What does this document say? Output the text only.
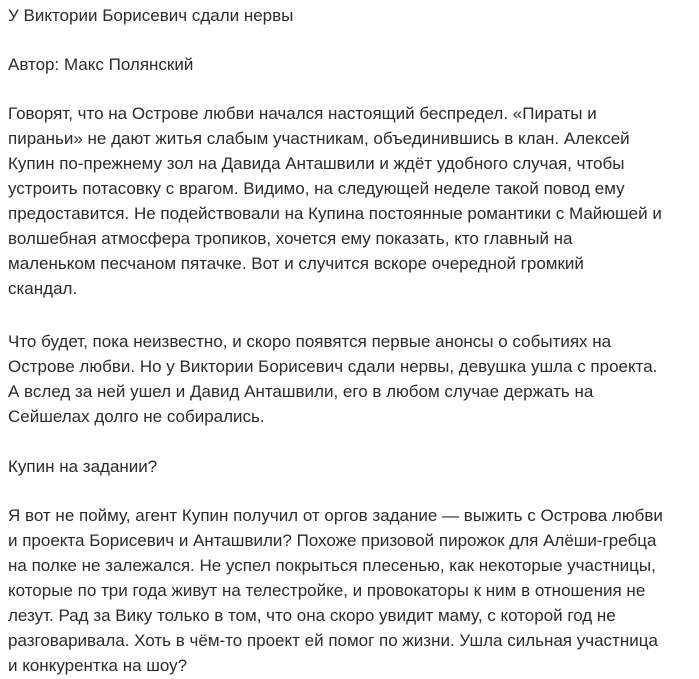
У Виктории Борисевич сдали нервы

Автор: Макс Полянский

Говорят, что на Острове любви начался настоящий беспредел. «Пираты и
пираньи» не дают житья слабым участникам, объединившись в клан. Алексей
Купин по-прежнему зол на Давида Анташвили и ждёт удобного случая, чтобы
устроить потасовку с врагом. Видимо, на следующей неделе такой повод ему
предоставится. Не подействовали на Купина постоянные романтики с Майюшей и
волшебная атмосфера тропиков, хочется ему показать, кто главный на
маленьком песчаном пятачке. Вот и случится вскоре очередной громкий
скандал.

Что будет, пока неизвестно, и скоро появятся первые анонсы о событиях на
Острове любви. Но у Виктории Борисевич сдали нервы, девушка ушла с проекта.
А вслед за ней ушел и Давид Анташвили, его в любом случае держать на
Сейшелах долго не собирались.

Купин на задании?

Я вот не пойму, агент Купин получил от оргов задание — выжить с Острова любви
и проекта Борисевич и Анташвили? Похоже призовой пирожок для Алёши-гребца
на полке не залежался. Не успел покрыться плесенью, как некоторые участницы,
которые по три года живут на телестройке, и провокаторы к ним в отношения не
лезут. Рад за Вику только в том, что она скоро увидит маму, с которой год не
разговаривала. Хоть в чём-то проект ей помог по жизни. Ушла сильная участница
и конкурентка на шоу?
